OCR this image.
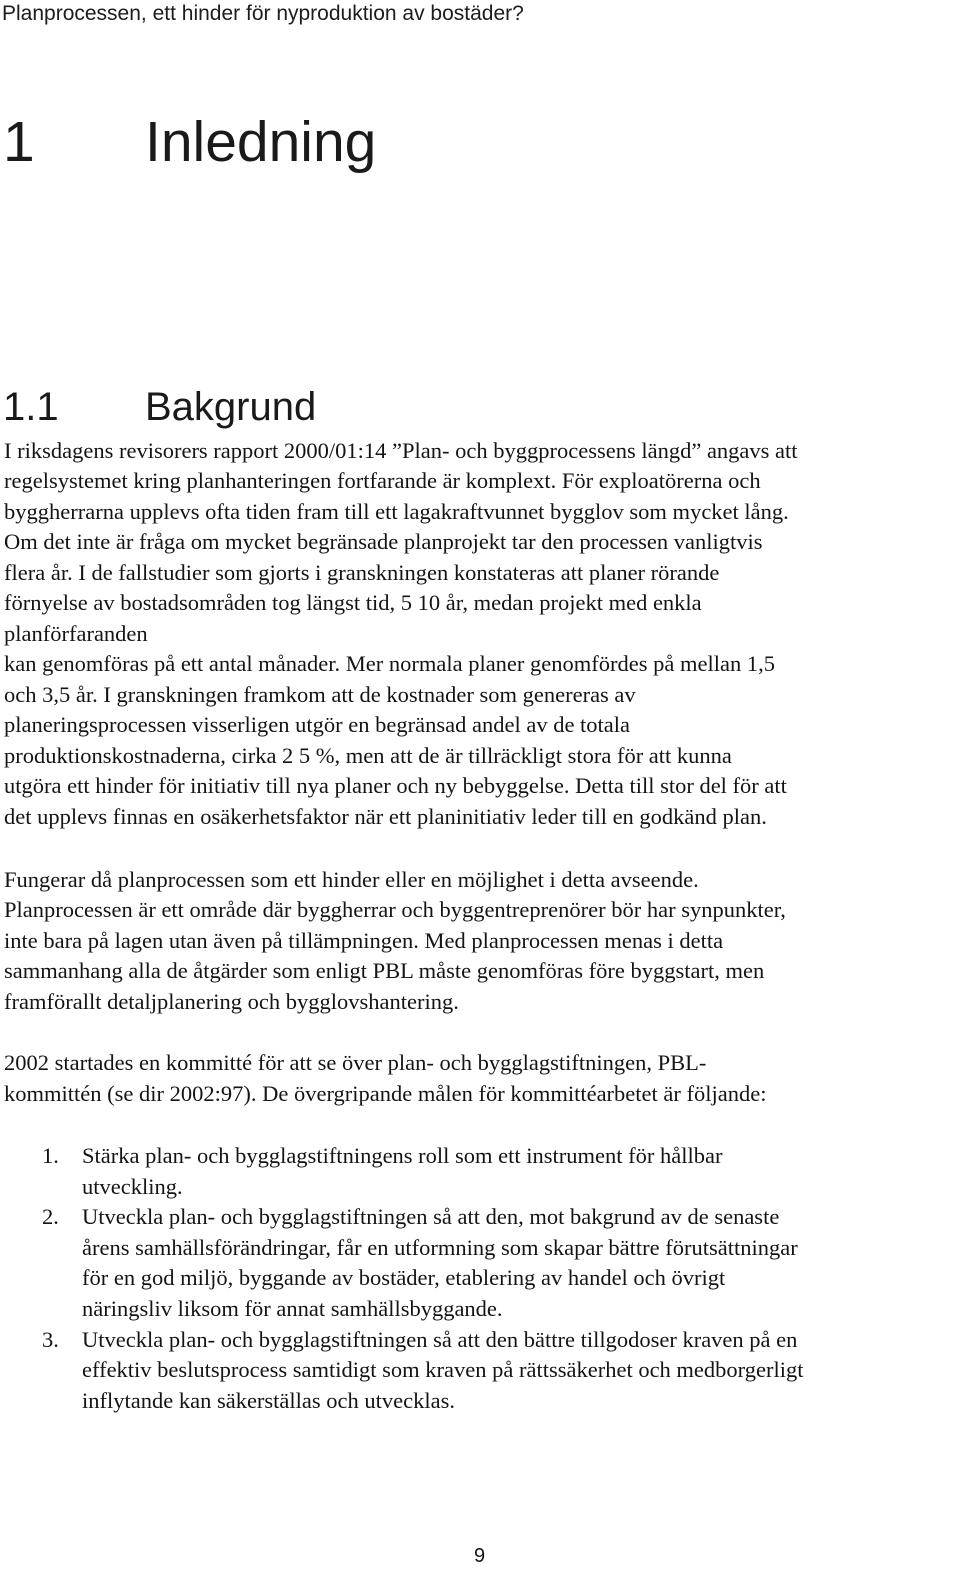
Planprocessen, ett hinder för nyproduktion av bostäder?
1 Inledning
1.1 Bakgrund
I riksdagens revisorers rapport 2000/01:14 ”Plan- och byggprocessens längd” angavs att
regelsystemet kring planhanteringen fortfarande är komplext. För exploatörerna och
byggherrarna upplevs ofta tiden fram till ett lagakraftvunnet bygglov som mycket lång.
Om det inte är fråga om mycket begränsade planprojekt tar den processen vanligtvis
flera år. I de fallstudier som gjorts i granskningen konstateras att planer rörande
förnyelse av bostadsområden tog längst tid, 5 10 år, medan projekt med enkla
planförfaranden
kan genomföras på ett antal månader. Mer normala planer genomfördes på mellan 1,5
och 3,5 år. I granskningen framkom att de kostnader som genereras av
planeringsprocessen visserligen utgör en begränsad andel av de totala
produktionskostnaderna, cirka 2 5 %, men att de är tillräckligt stora för att kunna
utgöra ett hinder för initiativ till nya planer och ny bebyggelse. Detta till stor del för att
det upplevs finnas en osäkerhetsfaktor när ett planinitiativ leder till en godkänd plan.
Fungerar då planprocessen som ett hinder eller en möjlighet i detta avseende.
Planprocessen är ett område där byggherrar och byggentreprenörer bör har synpunkter,
inte bara på lagen utan även på tillämpningen. Med planprocessen menas i detta
sammanhang alla de åtgärder som enligt PBL måste genomföras före byggstart, men
framförallt detaljplanering och bygglovshantering.
2002 startades en kommitté för att se över plan- och bygglagstiftningen, PBL-
kommittén (se dir 2002:97). De övergripande målen för kommittéarbetet är följande:
1. Stärka plan- och bygglagstiftningens roll som ett instrument för hållbar
utveckling.
2. Utveckla plan- och bygglagstiftningen så att den, mot bakgrund av de senaste
årens samhällsförändringar, får en utformning som skapar bättre förutsättningar
för en god miljö, byggande av bostäder, etablering av handel och övrigt
näringsliv liksom för annat samhällsbyggande.
3. Utveckla plan- och bygglagstiftningen så att den bättre tillgodoser kraven på en
effektiv beslutsprocess samtidigt som kraven på rättssäkerhet och medborgerligt
inflytande kan säkerställas och utvecklas.
9
